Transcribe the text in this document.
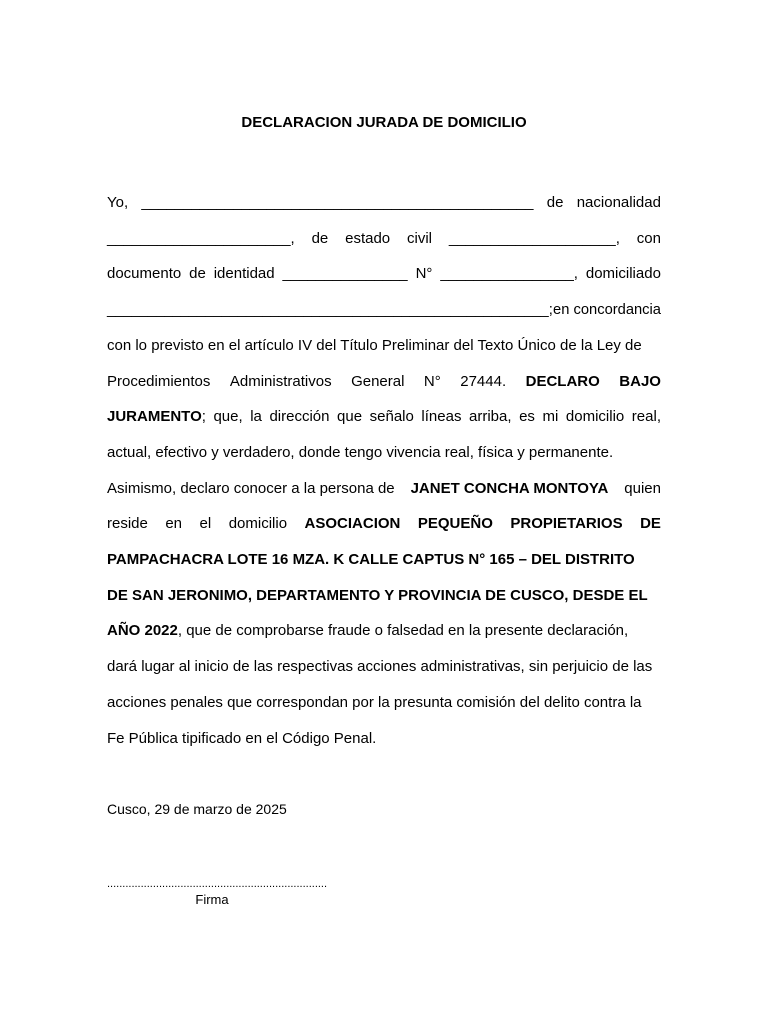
DECLARACION JURADA DE DOMICILIO
Yo, _______________________________________________ de nacionalidad
______________________, de estado civil ____________________, con
documento de identidad _______________ N° ________________, domiciliado
______________________________________________________; en concordancia
con lo previsto en el artículo IV del Título Preliminar del Texto Único de la Ley de
Procedimientos Administrativos General N° 27444. DECLARO BAJO
JURAMENTO ; que, la dirección que señalo líneas arriba, es mi domicilio real,
actual, efectivo y verdadero, donde tengo vivencia real, física y permanente.
Asimismo, declaro conocer a la persona de JANET CONCHA MONTOYA quien
reside en el domicilio ASOCIACION PEQUEÑO PROPIETARIOS DE
PAMPACHACRA LOTE 16 MZA. K CALLE CAPTUS N° 165 – DEL DISTRITO
DE SAN JERONIMO, DEPARTAMENTO Y PROVINCIA DE CUSCO, DESDE EL
AÑO 2022 , que de comprobarse fraude o falsedad en la presente declaración,
dará lugar al inicio de las respectivas acciones administrativas, sin perjuicio de las
acciones penales que correspondan por la presunta comisión del delito contra la
Fe Pública tipificado en el Código Penal.
Cusco, 29 de marzo de 2025
........................................................................
Firma
